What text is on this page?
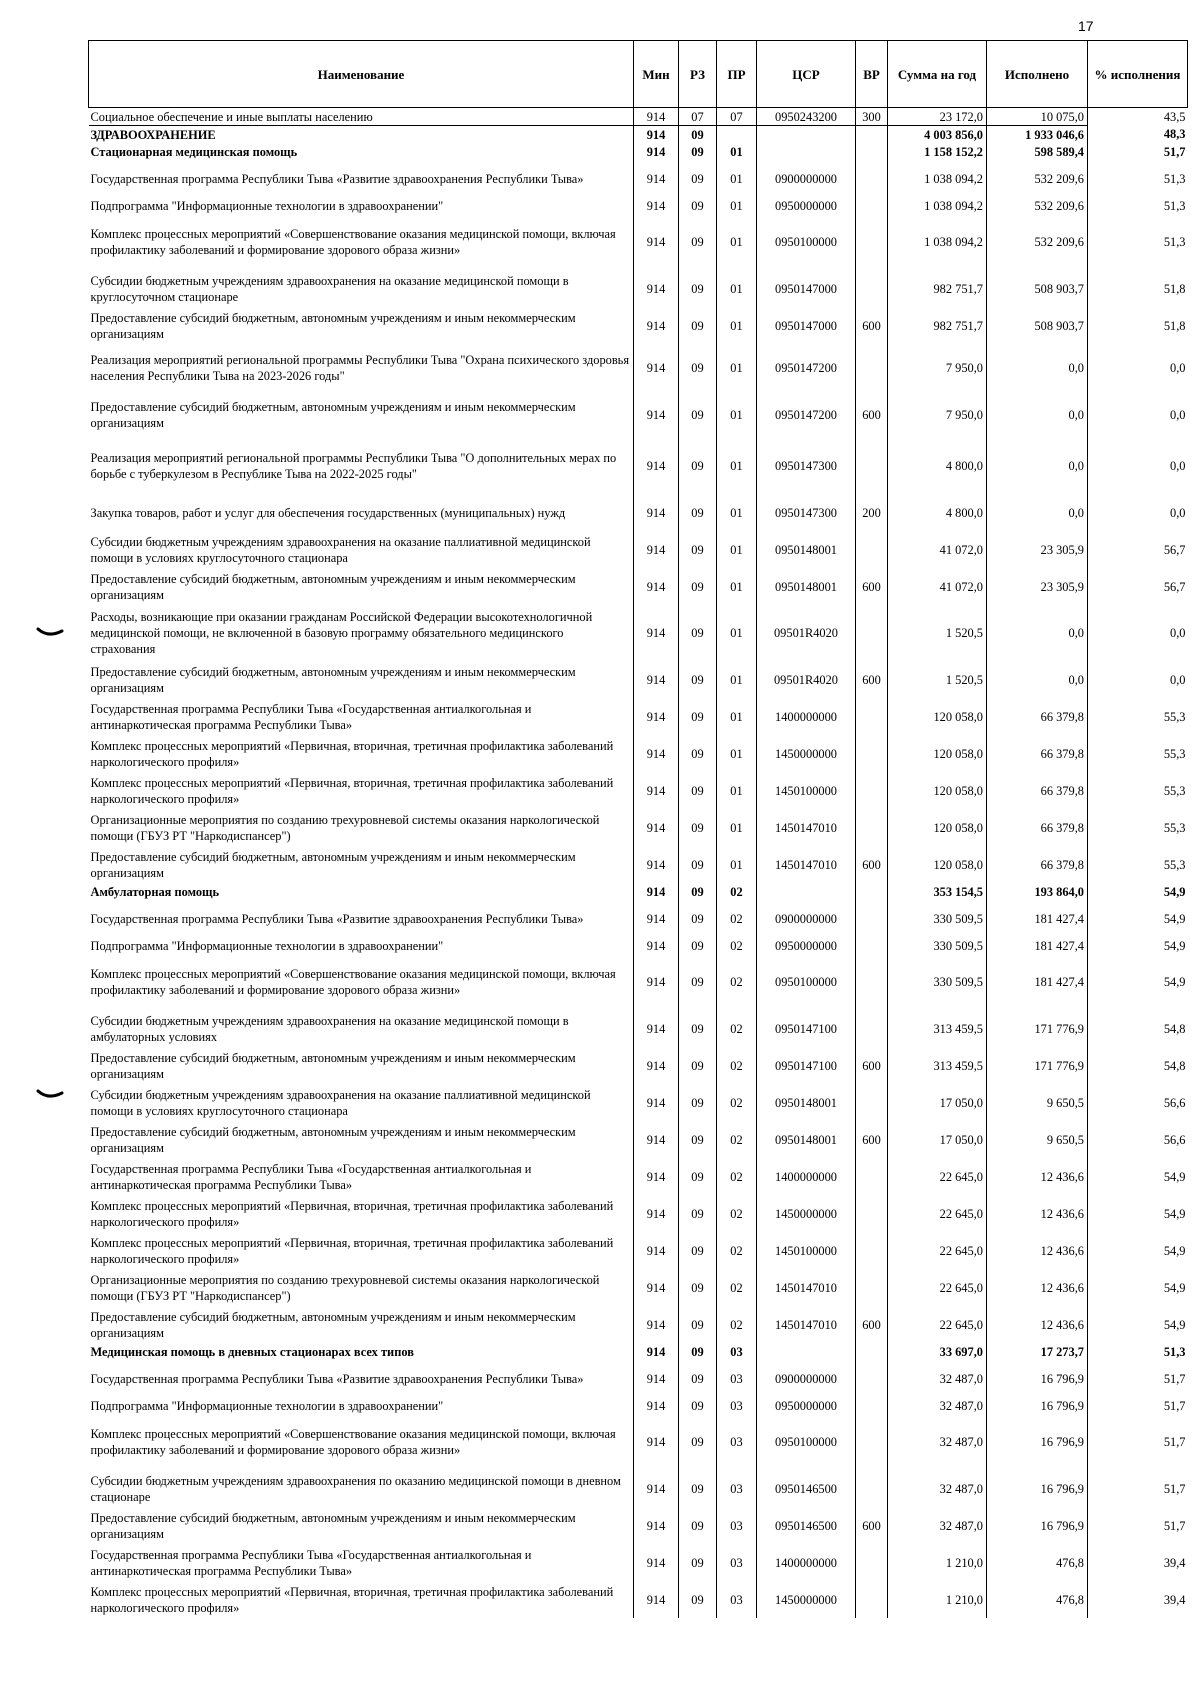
17
Наименование	Мин	РЗ	ПР	ЦСР	ВР	Сумма на год	Исполнено	% исполнения
Социальное обеспечение и иные выплаты населению	914	07	07	0950243200	300	23 172,0	10 075,0	43,5
ЗДРАВООХРАНЕНИЕ	914	09				4 003 856,0	1 933 046,6	48,3
Стационарная медицинская помощь	914	09	01			1 158 152,2	598 589,4	51,7
Государственная программа Республики Тыва «Развитие здравоохранения Республики Тыва»	914	09	01	0900000000		1 038 094,2	532 209,6	51,3
Подпрограмма "Информационные технологии в здравоохранении"	914	09	01	0950000000		1 038 094,2	532 209,6	51,3
Комплекс процессных мероприятий «Совершенствование оказания медицинской помощи, включая профилактику заболеваний и формирование здорового образа жизни»	914	09	01	0950100000		1 038 094,2	532 209,6	51,3
Субсидии бюджетным учреждениям здравоохранения на оказание медицинской помощи в круглосуточном стационаре	914	09	01	0950147000		982 751,7	508 903,7	51,8
Предоставление субсидий бюджетным, автономным учреждениям и иным некоммерческим организациям	914	09	01	0950147000	600	982 751,7	508 903,7	51,8
Реализация мероприятий региональной программы Республики Тыва "Охрана психического здоровья населения Республики Тыва на 2023-2026 годы"	914	09	01	0950147200		7 950,0	0,0	0,0
Предоставление субсидий бюджетным, автономным учреждениям и иным некоммерческим организациям	914	09	01	0950147200	600	7 950,0	0,0	0,0
Реализация мероприятий региональной программы Республики Тыва "О дополнительных мерах по борьбе с туберкулезом в Республике Тыва на 2022-2025 годы"	914	09	01	0950147300		4 800,0	0,0	0,0
Закупка товаров, работ и услуг для обеспечения государственных (муниципальных) нужд	914	09	01	0950147300	200	4 800,0	0,0	0,0
Субсидии бюджетным учреждениям здравоохранения на оказание паллиативной медицинской помощи в условиях круглосуточного стационара	914	09	01	0950148001		41 072,0	23 305,9	56,7
Предоставление субсидий бюджетным, автономным учреждениям и иным некоммерческим организациям	914	09	01	0950148001	600	41 072,0	23 305,9	56,7
Расходы, возникающие при оказании гражданам Российской Федерации высокотехнологичной медицинской помощи, не включенной в базовую программу обязательного медицинского страхования	914	09	01	09501R4020		1 520,5	0,0	0,0
Предоставление субсидий бюджетным, автономным учреждениям и иным некоммерческим организациям	914	09	01	09501R4020	600	1 520,5	0,0	0,0
Государственная программа Республики Тыва «Государственная антиалкогольная и антинаркотическая программа Республики Тыва»	914	09	01	1400000000		120 058,0	66 379,8	55,3
Комплекс процессных мероприятий «Первичная, вторичная, третичная профилактика заболеваний наркологического профиля»	914	09	01	1450000000		120 058,0	66 379,8	55,3
Комплекс процессных мероприятий «Первичная, вторичная, третичная профилактика заболеваний наркологического профиля»	914	09	01	1450100000		120 058,0	66 379,8	55,3
Организационные мероприятия по созданию трехуровневой системы оказания наркологической помощи (ГБУЗ РТ "Наркодиспансер")	914	09	01	1450147010		120 058,0	66 379,8	55,3
Предоставление субсидий бюджетным, автономным учреждениям и иным некоммерческим организациям	914	09	01	1450147010	600	120 058,0	66 379,8	55,3
Амбулаторная помощь	914	09	02			353 154,5	193 864,0	54,9
Государственная программа Республики Тыва «Развитие здравоохранения Республики Тыва»	914	09	02	0900000000		330 509,5	181 427,4	54,9
Подпрограмма "Информационные технологии в здравоохранении"	914	09	02	0950000000		330 509,5	181 427,4	54,9
Комплекс процессных мероприятий «Совершенствование оказания медицинской помощи, включая профилактику заболеваний и формирование здорового образа жизни»	914	09	02	0950100000		330 509,5	181 427,4	54,9
Субсидии бюджетным учреждениям здравоохранения на оказание медицинской помощи в амбулаторных условиях	914	09	02	0950147100		313 459,5	171 776,9	54,8
Предоставление субсидий бюджетным, автономным учреждениям и иным некоммерческим организациям	914	09	02	0950147100	600	313 459,5	171 776,9	54,8
Субсидии бюджетным учреждениям здравоохранения на оказание паллиативной медицинской помощи в условиях круглосуточного стационара	914	09	02	0950148001		17 050,0	9 650,5	56,6
Предоставление субсидий бюджетным, автономным учреждениям и иным некоммерческим организациям	914	09	02	0950148001	600	17 050,0	9 650,5	56,6
Государственная программа Республики Тыва «Государственная антиалкогольная и антинаркотическая программа Республики Тыва»	914	09	02	1400000000		22 645,0	12 436,6	54,9
Комплекс процессных мероприятий «Первичная, вторичная, третичная профилактика заболеваний наркологического профиля»	914	09	02	1450000000		22 645,0	12 436,6	54,9
Комплекс процессных мероприятий «Первичная, вторичная, третичная профилактика заболеваний наркологического профиля»	914	09	02	1450100000		22 645,0	12 436,6	54,9
Организационные мероприятия по созданию трехуровневой системы оказания наркологической помощи (ГБУЗ РТ "Наркодиспансер")	914	09	02	1450147010		22 645,0	12 436,6	54,9
Предоставление субсидий бюджетным, автономным учреждениям и иным некоммерческим организациям	914	09	02	1450147010	600	22 645,0	12 436,6	54,9
Медицинская помощь в дневных стационарах всех типов	914	09	03			33 697,0	17 273,7	51,3
Государственная программа Республики Тыва «Развитие здравоохранения Республики Тыва»	914	09	03	0900000000		32 487,0	16 796,9	51,7
Подпрограмма "Информационные технологии в здравоохранении"	914	09	03	0950000000		32 487,0	16 796,9	51,7
Комплекс процессных мероприятий «Совершенствование оказания медицинской помощи, включая профилактику заболеваний и формирование здорового образа жизни»	914	09	03	0950100000		32 487,0	16 796,9	51,7
Субсидии бюджетным учреждениям здравоохранения по оказанию медицинской помощи в дневном стационаре	914	09	03	0950146500		32 487,0	16 796,9	51,7
Предоставление субсидий бюджетным, автономным учреждениям и иным некоммерческим организациям	914	09	03	0950146500	600	32 487,0	16 796,9	51,7
Государственная программа Республики Тыва «Государственная антиалкогольная и антинаркотическая программа Республики Тыва»	914	09	03	1400000000		1 210,0	476,8	39,4
Комплекс процессных мероприятий «Первичная, вторичная, третичная профилактика заболеваний наркологического профиля»	914	09	03	1450000000		1 210,0	476,8	39,4
